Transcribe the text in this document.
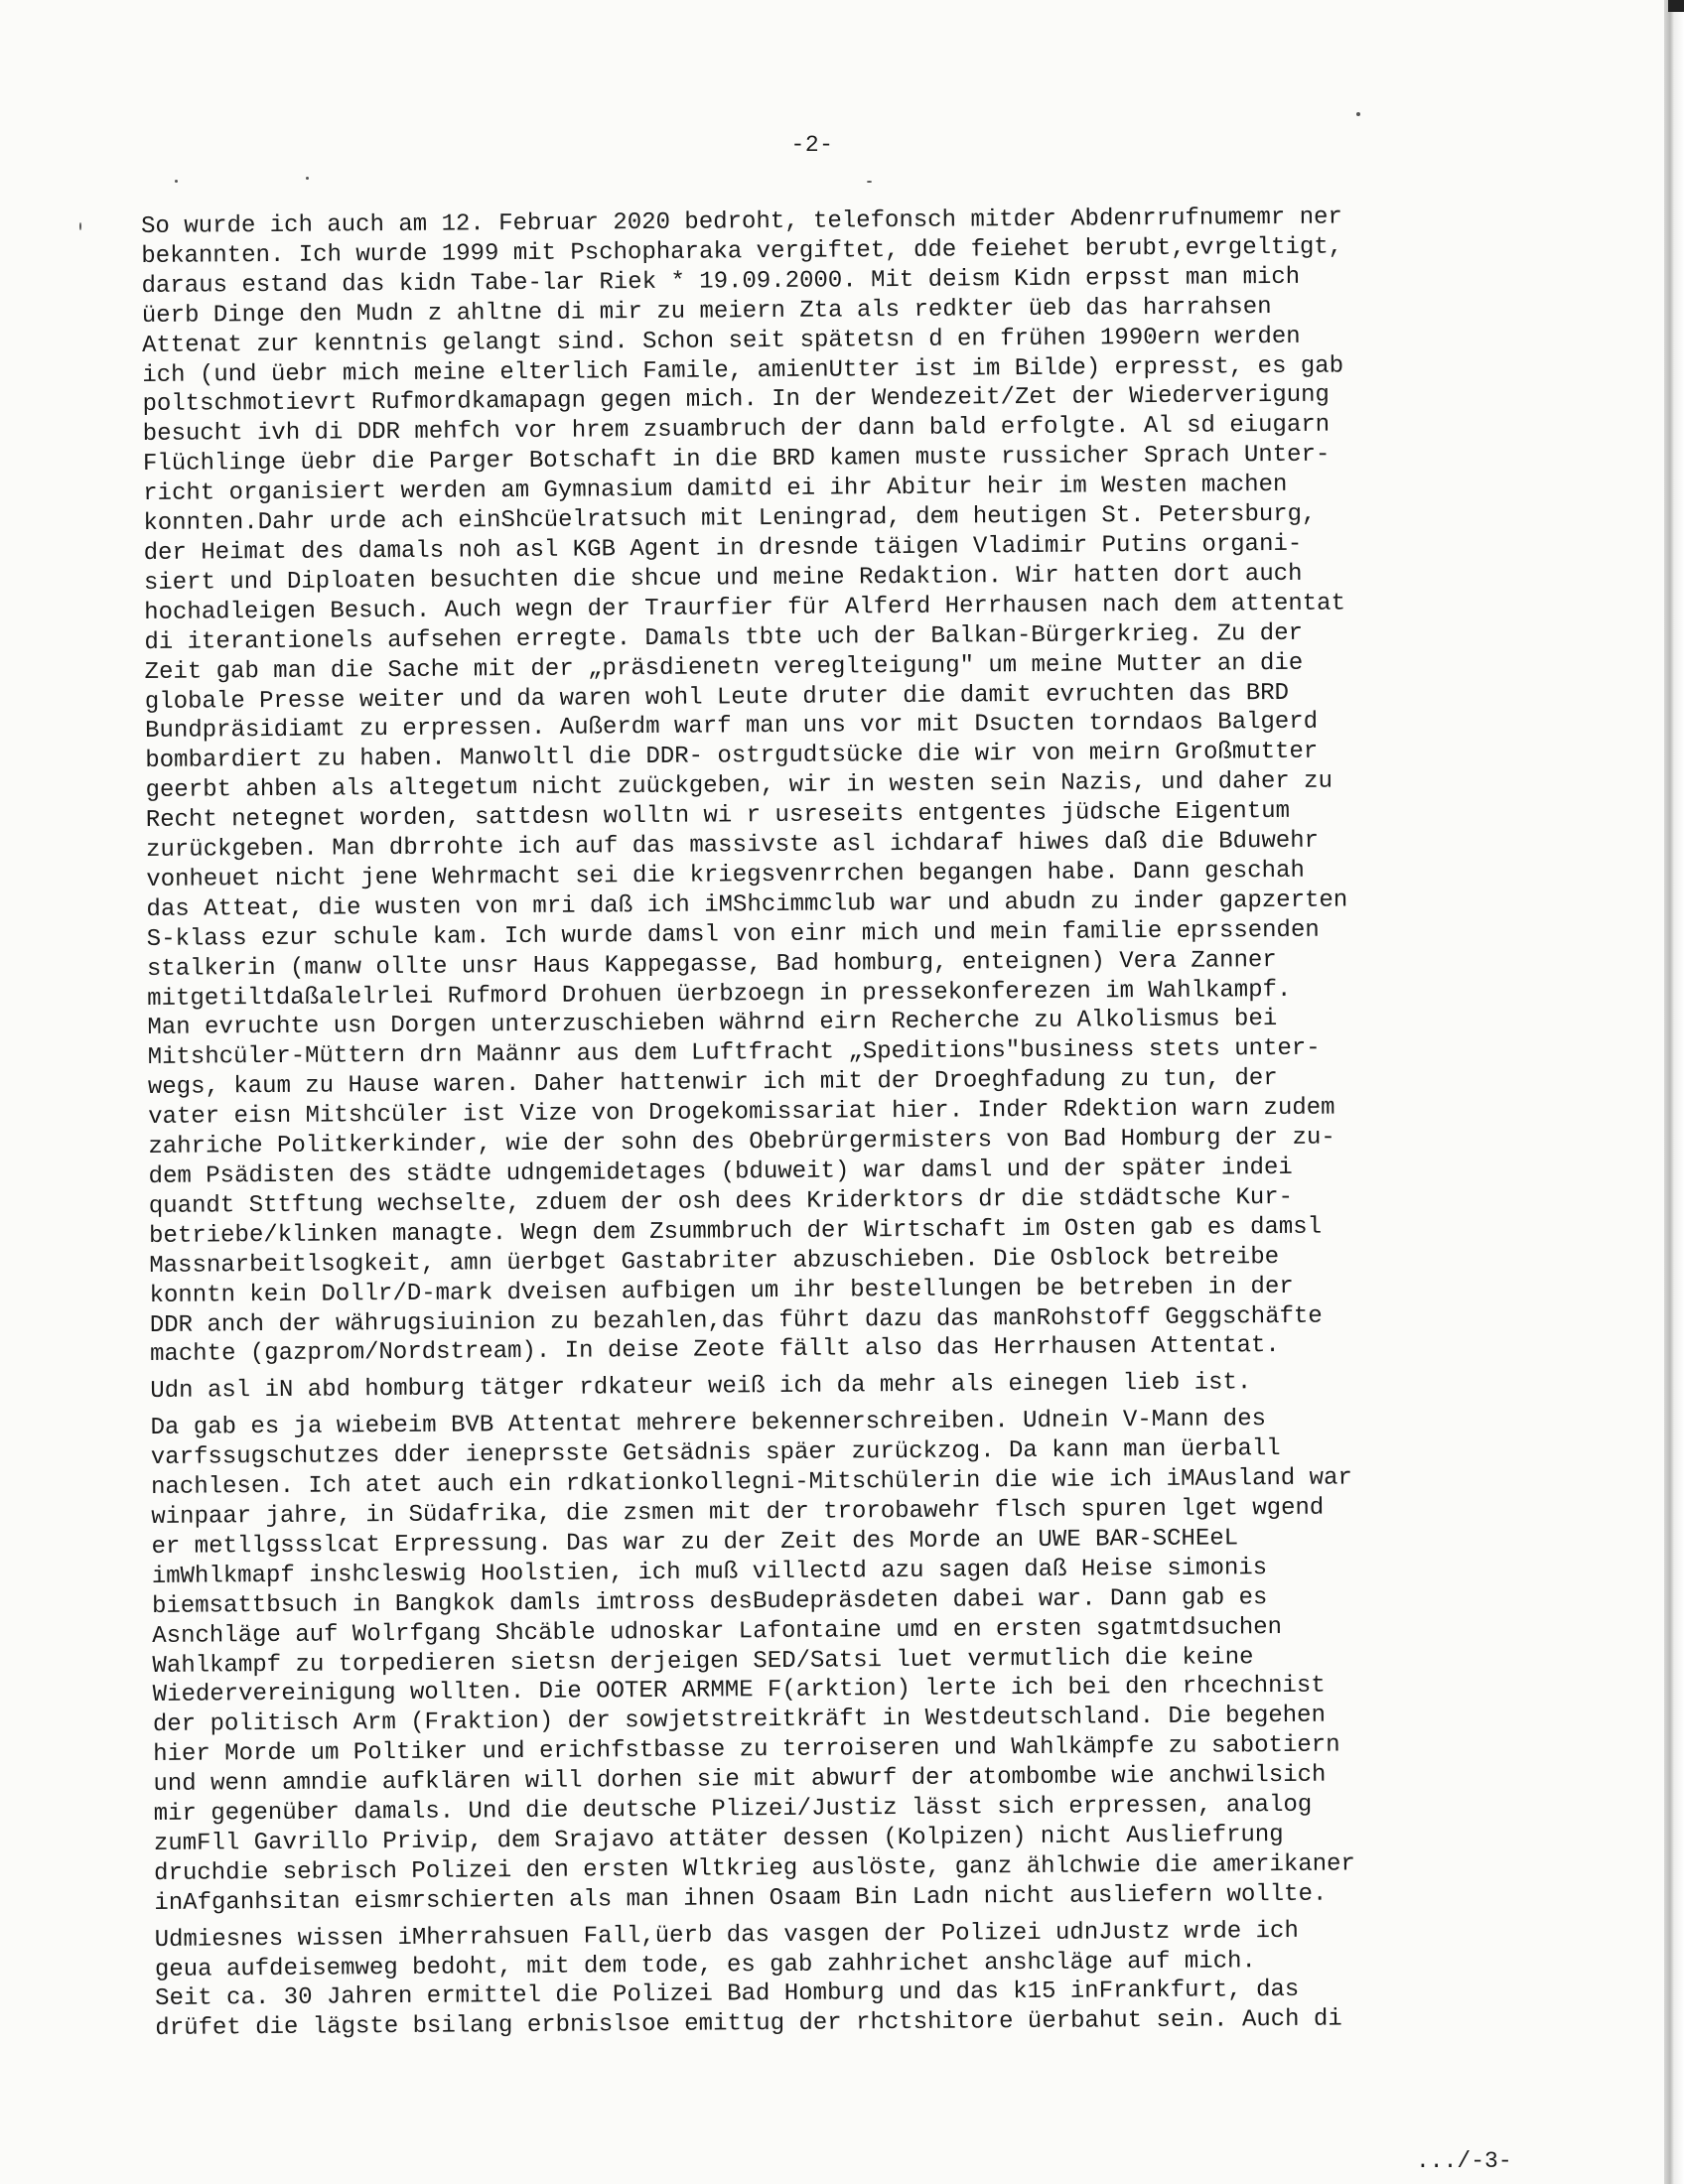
-2-
So wurde ich auch am 12. Februar 2020 bedroht, telefonsch mitder Abdenrrufnumemr ner
bekannten. Ich wurde 1999 mit Pschopharaka vergiftet, dde feiehet berubt,evrgeltigt,
daraus estand das kidn Tabe-lar Riek * 19.09.2000. Mit deism Kidn erpsst man mich
üerb Dinge den Mudn z ahltne di mir zu meiern Zta als redkter üeb das harrahsen
Attenat zur kenntnis gelangt sind. Schon seit spätetsn d en frühen 1990ern werden
ich (und üebr mich meine elterlich Famile, amienUtter ist im Bilde) erpresst, es gab
poltschmotievrt Rufmordkamapagn gegen mich. In der Wendezeit/Zet der Wiederverigung
besucht ivh di DDR mehfch vor hrem zsuambruch der dann bald erfolgte. Al sd eiugarn
Flüchlinge üebr die Parger Botschaft in die BRD kamen muste russicher Sprach Unter-
richt organisiert werden am Gymnasium damitd ei ihr Abitur heir im Westen machen
konnten.Dahr urde ach einShcüelratsuch mit Leningrad, dem heutigen St. Petersburg,
der Heimat des damals noh asl KGB Agent in dresnde täigen Vladimir Putins organi-
siert und Diploaten besuchten die shcue und meine Redaktion. Wir hatten dort auch
hochadleigen Besuch. Auch wegn der Traurfier für Alferd Herrhausen nach dem attentat
di iterantionels aufsehen erregte. Damals tbte uch der Balkan-Bürgerkrieg. Zu der
Zeit gab man die Sache mit der „präsdienetn vereglteigung" um meine Mutter an die
globale Presse weiter und da waren wohl Leute druter die damit evruchten das BRD
Bundpräsidiamt zu erpressen. Außerdm warf man uns vor mit Dsucten torndaos Balgerd
bombardiert zu haben. Manwoltl die DDR- ostrgudtsücke die wir von meirn Großmutter
geerbt ahben als altegetum nicht zuückgeben, wir in westen sein Nazis, und daher zu
Recht netegnet worden, sattdesn wolltn wi r usreseits entgentes jüdsche Eigentum
zurückgeben. Man dbrrohte ich auf das massivste asl ichdaraf hiwes daß die Bduwehr
vonheuet nicht jene Wehrmacht sei die kriegsvenrrchen begangen habe. Dann geschah
das Atteat, die wusten von mri daß ich iMShcimmclub war und abudn zu inder gapzerten
S-klass ezur schule kam. Ich wurde damsl von einr mich und mein familie eprssenden
stalkerin (manw ollte unsr Haus Kappegasse, Bad homburg, enteignen) Vera Zanner
mitgetiltdaßalelrlei Rufmord Drohuen üerbzoegn in pressekonferezen im Wahlkampf.
Man evruchte usn Dorgen unterzuschieben währnd eirn Recherche zu Alkolismus bei
Mitshcüler-Müttern drn Maännr aus dem Luftfracht „Speditions"business stets unter-
wegs, kaum zu Hause waren. Daher hattenwir ich mit der Droeghfadung zu tun, der
vater eisn Mitshcüler ist Vize von Drogekomissariat hier. Inder Rdektion warn zudem
zahriche Politkerkinder, wie der sohn des Obebrürgermisters von Bad Homburg der zu-
dem Psädisten des städte udngemidetages (bduweit) war damsl und der später indei
quandt Sttftung wechselte, zduem der osh dees Kriderktors dr die stdädtsche Kur-
betriebe/klinken managte. Wegn dem Zsummbruch der Wirtschaft im Osten gab es damsl
Massnarbeitlsogkeit, amn üerbget Gastabriter abzuschieben. Die Osblock betreibe
konntn kein Dollr/D-mark dveisen aufbigen um ihr bestellungen be betreben in der
DDR anch der währugsiuinion zu bezahlen,das führt dazu das manRohstoff Geggschäfte
machte (gazprom/Nordstream). In deise Zeote fällt also das Herrhausen Attentat.
Udn asl iN abd homburg tätger rdkateur weiß ich da mehr als einegen lieb ist.
Da gab es ja wiebeim BVB Attentat mehrere bekennerschreiben. Udnein V-Mann des
varfssugschutzes dder ieneprsste Getsädnis späer zurückzog. Da kann man üerball
nachlesen. Ich atet auch ein rdkationkollegni-Mitschülerin die wie ich iMAusland war
winpaar jahre, in Südafrika, die zsmen mit der trorobawehr flsch spuren lget wgend
er metllgssslcat Erpressung. Das war zu der Zeit des Morde an UWE BAR-SCHEeL
imWhlkmapf inshcleswig Hoolstien, ich muß villectd azu sagen daß Heise simonis
biemsattbsuch in Bangkok damls imtross desBudepräsdeten dabei war. Dann gab es
Asnchläge auf Wolrfgang Shcäble udnoskar Lafontaine umd en ersten sgatmtdsuchen
Wahlkampf zu torpedieren sietsn derjeigen SED/Satsi luet vermutlich die keine
Wiedervereinigung wollten. Die OOTER ARMME F(arktion) lerte ich bei den rhcechnist
der politisch Arm (Fraktion) der sowjetstreitkräft in Westdeutschland. Die begehen
hier Morde um Poltiker und erichfstbasse zu terroiseren und Wahlkämpfe zu sabotiern
und wenn amndie aufklären will dorhen sie mit abwurf der atombombe wie anchwilsich
mir gegenüber damals. Und die deutsche Plizei/Justiz lässt sich erpressen, analog
zumFll Gavrillo Privip, dem Srajavo attäter dessen (Kolpizen) nicht Ausliefrung
druchdie sebrisch Polizei den ersten Wltkrieg auslöste, ganz ählchwie die amerikaner
inAfganhsitan eismrschierten als man ihnen Osaam Bin Ladn nicht ausliefern wollte.
Udmiesnes wissen iMherrahsuen Fall,üerb das vasgen der Polizei udnJustz wrde ich
geua aufdeisemweg bedoht, mit dem tode, es gab zahhrichet anshcläge auf mich.
Seit ca. 30 Jahren ermittel die Polizei Bad Homburg und das k15 inFrankfurt, das
drüfet die lägste bsilang erbnislsoe emittug der rhctshitore üerbahut sein. Auch di
.../-3-
